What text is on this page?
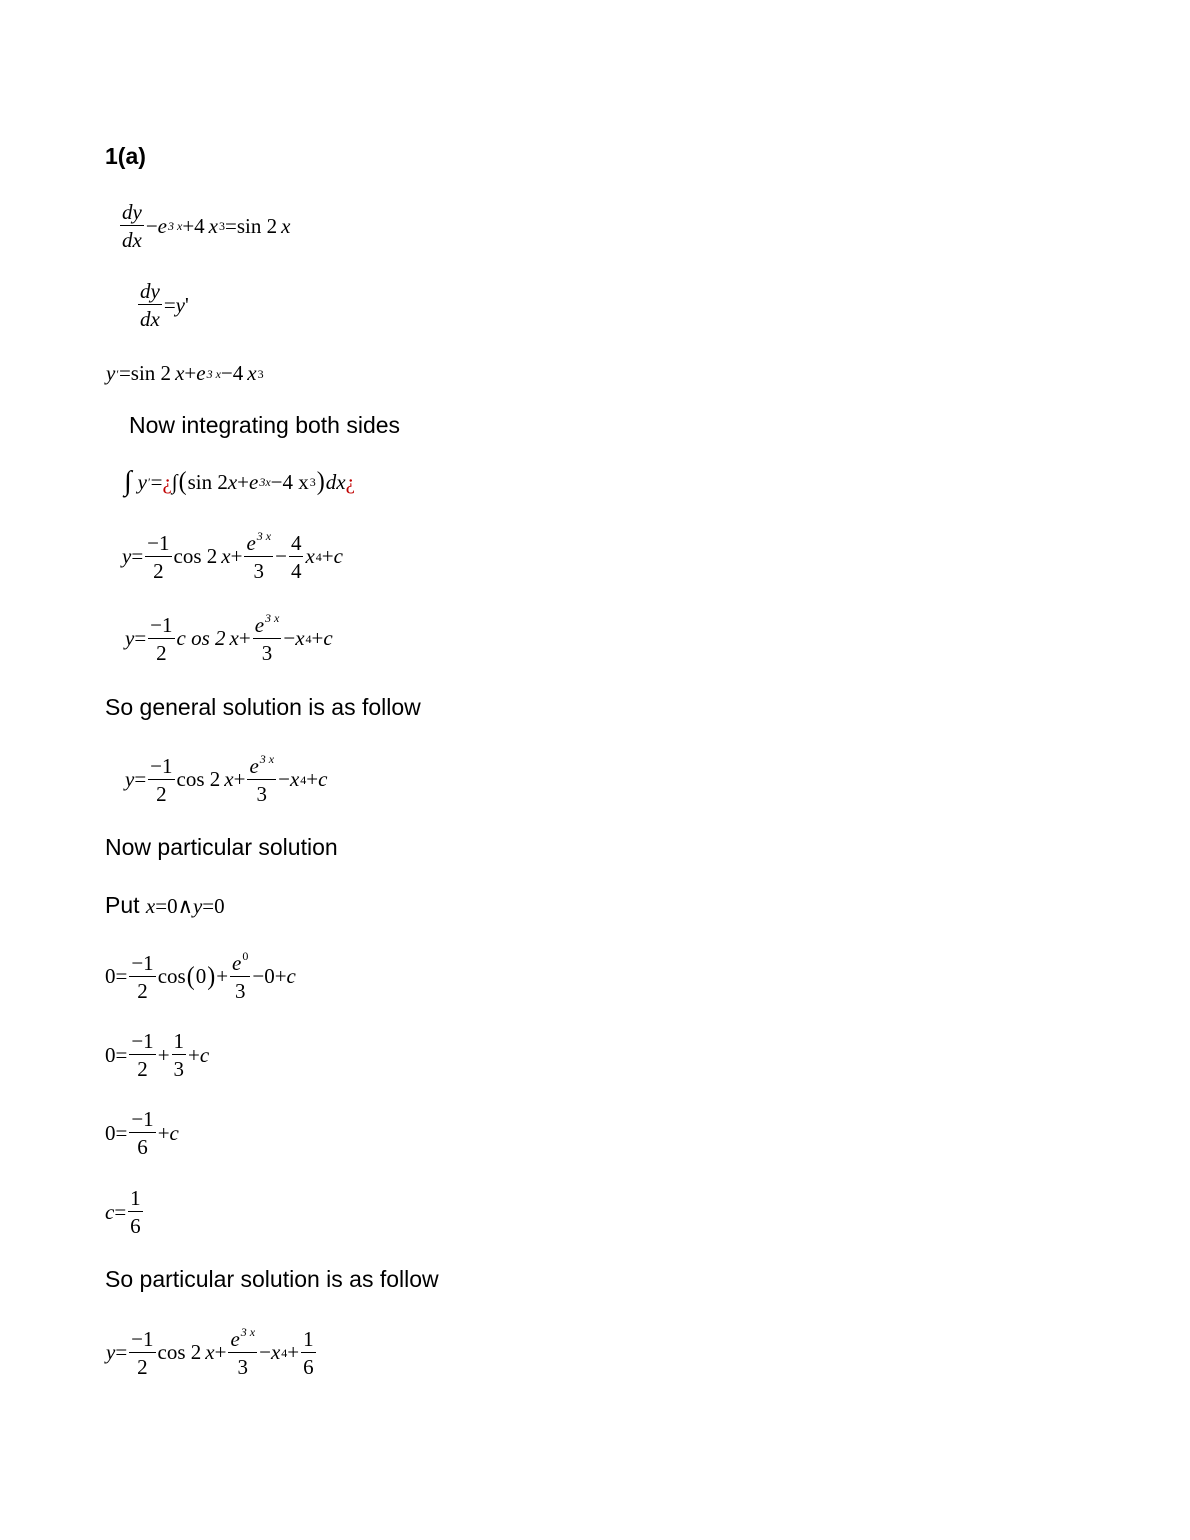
1(a)
$\frac{dy}{dx} - e$ 3 x + 4 x 3 = sin 2 x
$\frac{dy}{dx} = y$ '
y ′ = sin 2 x + e 3 x − 4 x 3
Now integrating both sides
∫ y ′ = ¿ ∫ ( sin 2 x + e 3x − 4 x 3 ) dx ¿
$y = \frac{-1}{2}$ cos 2 $x + \frac{e^{3 x}}{3} - \frac{4}{4}$ x 4 + c
$y = \frac{-1}{2}$ c os 2 $x + \frac{e^{3 x}}{3} - x$ 4 + c
So general solution is as follow
$y = \frac{-1}{2}$ cos 2 $x + \frac{e^{3 x}}{3} - x$ 4 + c
Now particular solution
Put x=0∧y=0
$0 = \frac{-1}{2}$ cos ( 0 ) + $\frac{e^0}{3} - 0 + c$
$0 = \frac{-1}{2} + \frac{1}{3} + c$
$0 = \frac{-1}{6} + c$
$c = \frac{1}{6}$
So particular solution is as follow
$y = \frac{-1}{2}$ cos 2 $x + \frac{e^{3 x}}{3} - x$ $4 + \frac{1}{6}$
